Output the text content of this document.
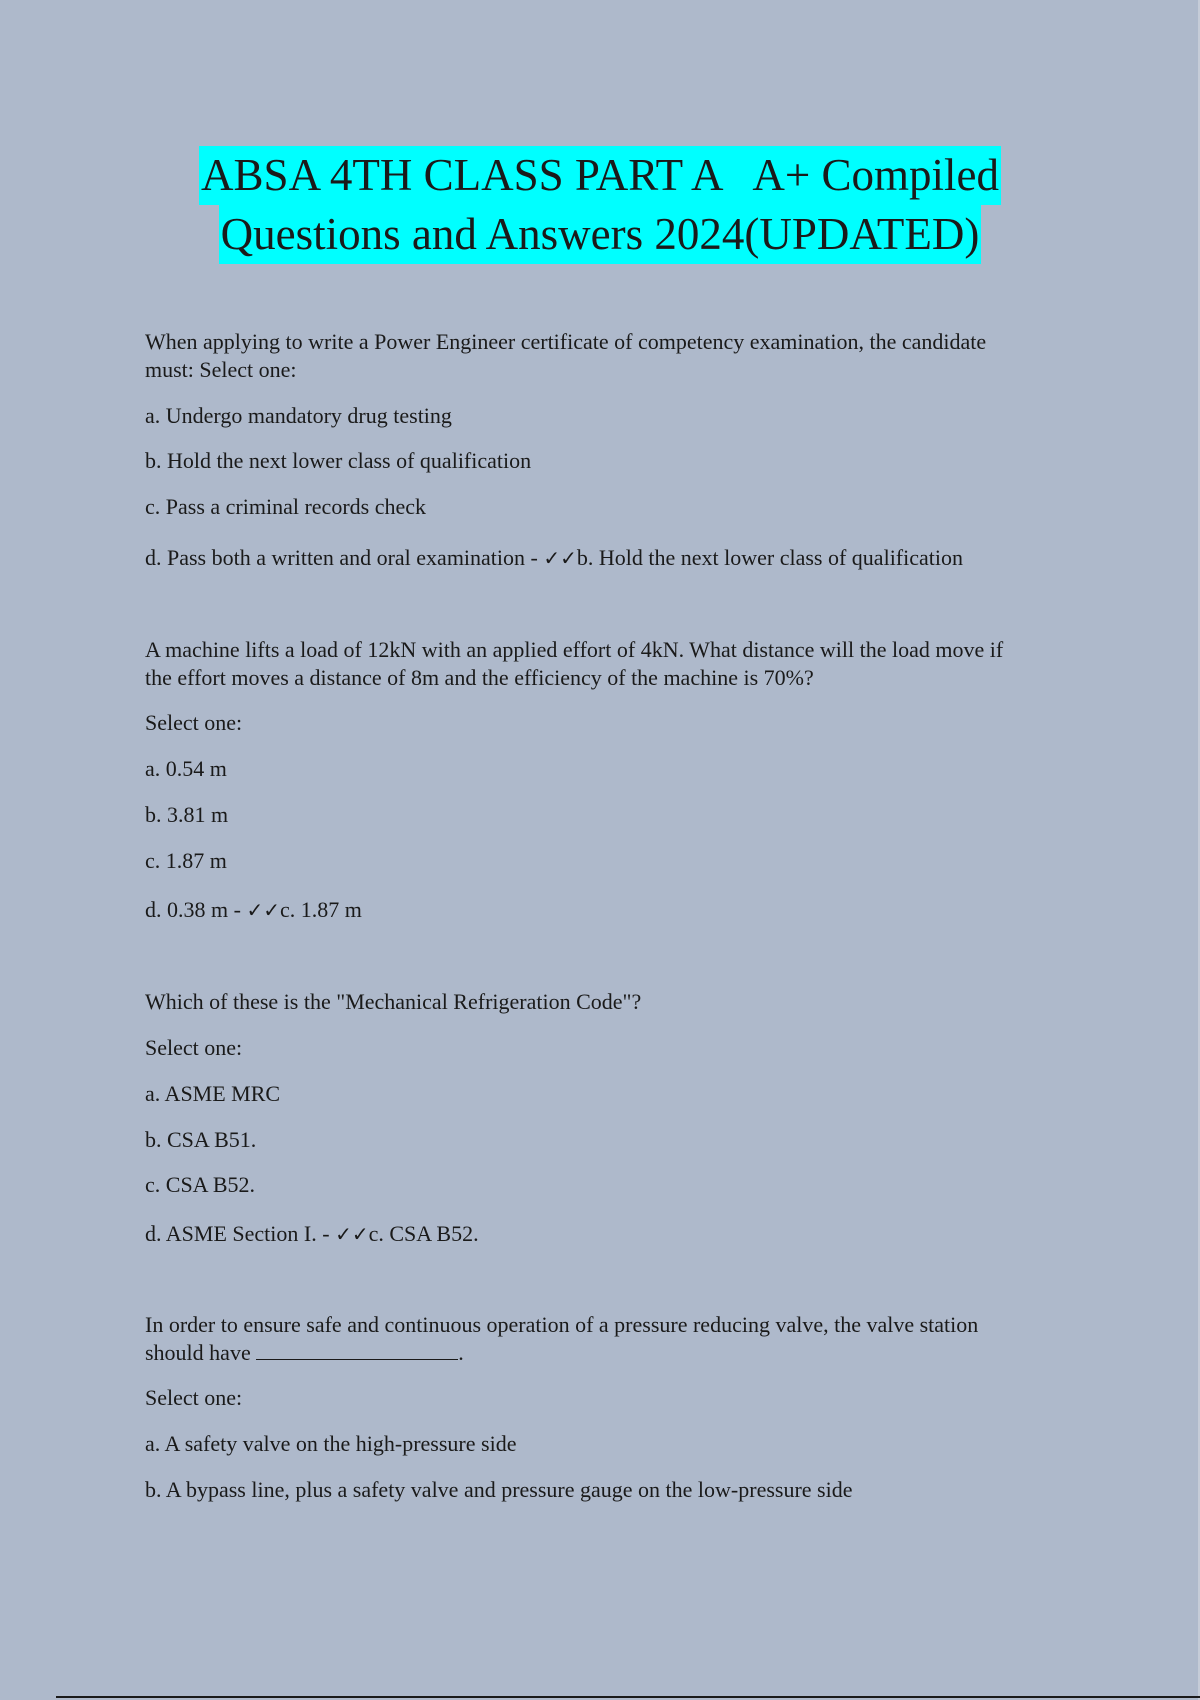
ABSA 4TH CLASS PART A   A+ Compiled
Questions and Answers 2024(UPDATED)

When applying to write a Power Engineer certificate of competency examination, the candidate must: Select one:

a. Undergo mandatory drug testing

b. Hold the next lower class of qualification

c. Pass a criminal records check

d. Pass both a written and oral examination - ✓✓b. Hold the next lower class of qualification

A machine lifts a load of 12kN with an applied effort of 4kN. What distance will the load move if the effort moves a distance of 8m and the efficiency of the machine is 70%?

Select one:

a. 0.54 m

b. 3.81 m

c. 1.87 m

d. 0.38 m - ✓✓c. 1.87 m

Which of these is the "Mechanical Refrigeration Code"?

Select one:

a. ASME MRC

b. CSA B51.

c. CSA B52.

d. ASME Section I. - ✓✓c. CSA B52.

In order to ensure safe and continuous operation of a pressure reducing valve, the valve station should have	.

Select one:

a. A safety valve on the high-pressure side

b. A bypass line, plus a safety valve and pressure gauge on the low-pressure side
